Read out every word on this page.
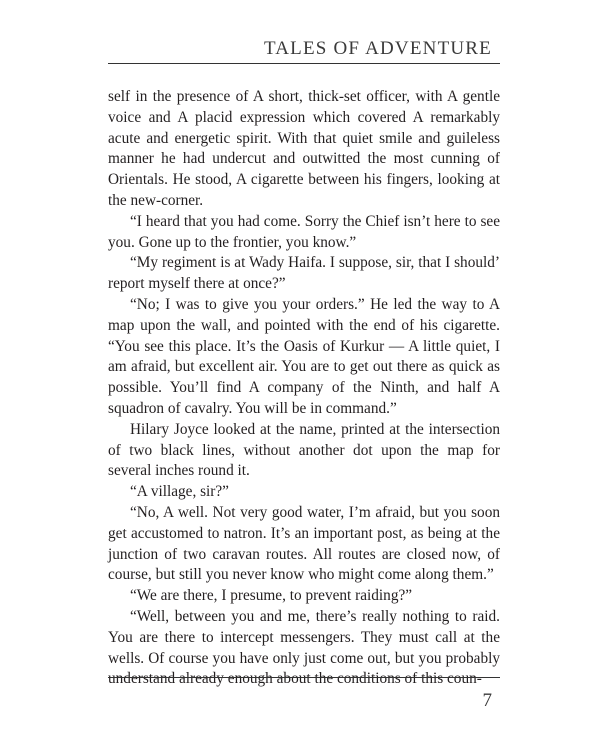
TALES OF ADVENTURE

self in the presence of A short, thick-set officer, with A gentle voice and A placid expression which covered A remarkably acute and energetic spirit. With that quiet smile and guileless manner he had undercut and outwitted the most cunning of Orientals. He stood, A cigarette between his fingers, looking at the new-corner.

“I heard that you had come. Sorry the Chief isn’t here to see you. Gone up to the frontier, you know.”

“My regiment is at Wady Haifa. I suppose, sir, that I should’ report myself there at once?”

“No; I was to give you your orders.” He led the way to A map upon the wall, and pointed with the end of his cigarette. “You see this place. It’s the Oasis of Kurkur — A little quiet, I am afraid, but excellent air. You are to get out there as quick as possible. You’ll find A company of the Ninth, and half A squadron of cavalry. You will be in command.”

Hilary Joyce looked at the name, printed at the intersection of two black lines, without another dot upon the map for several inches round it.

“A village, sir?”

“No, A well. Not very good water, I’m afraid, but you soon get accustomed to natron. It’s an important post, as being at the junction of two caravan routes. All routes are closed now, of course, but still you never know who might come along them.”

“We are there, I presume, to prevent raiding?”

“Well, between you and me, there’s really nothing to raid. You are there to intercept messengers. They must call at the wells. Of course you have only just come out, but you probably understand already enough about the conditions of this coun-

7
